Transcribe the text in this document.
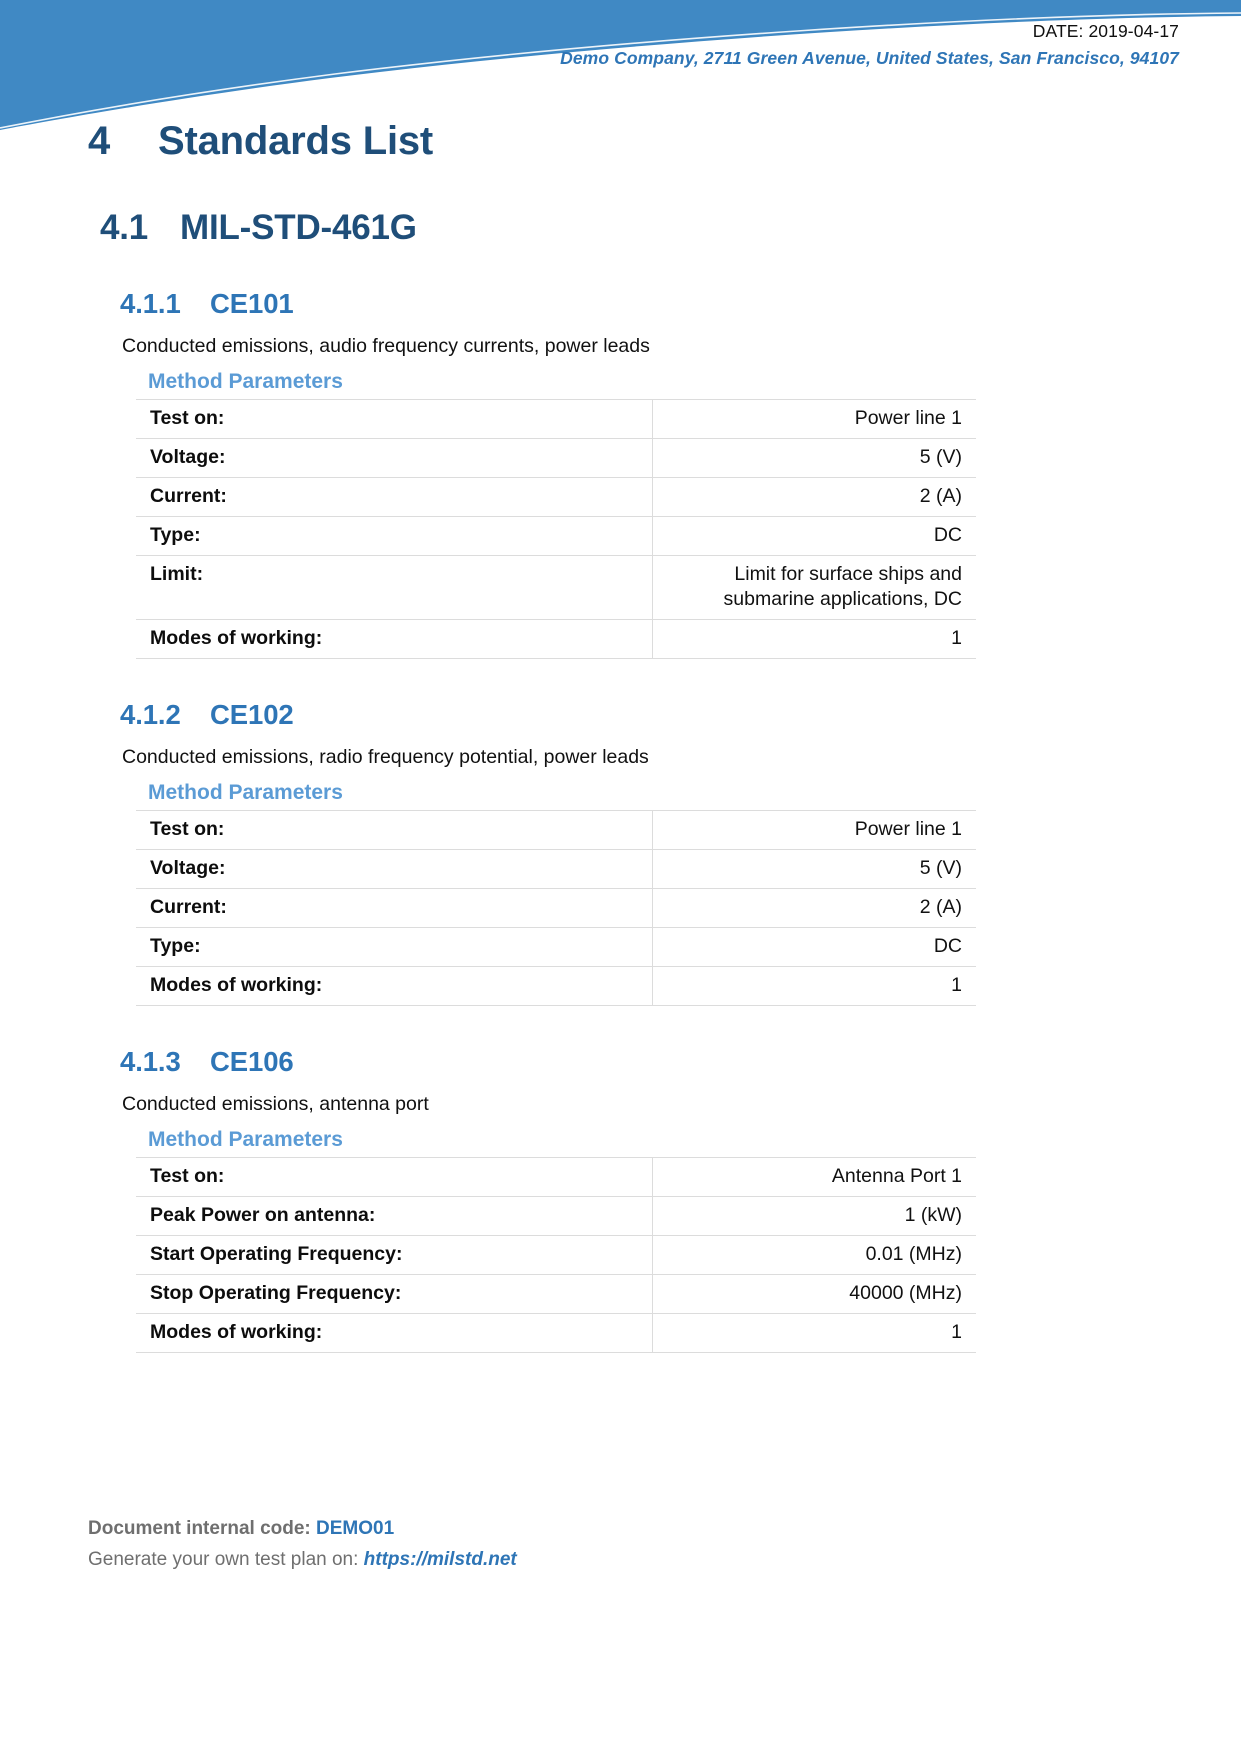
DATE: 2019-04-17
Demo Company, 2711 Green Avenue, United States, San Francisco, 94107
4 Standards List
4.1 MIL-STD-461G
4.1.1 CE101

Conducted emissions, audio frequency currents, power leads

Method Parameters
Test on:	Power line 1
Voltage:	5 (V)
Current:	2 (A)
Type:	DC
Limit:	Limit for surface ships and
submarine applications, DC

Modes of working:	1
4.1.2 CE102

Conducted emissions, radio frequency potential, power leads

Method Parameters
Test on:	Power line 1
Voltage:	5 (V)
Current:	2 (A)
Type:	DC
Modes of working:	1
4.1.3 CE106

Conducted emissions, antenna port

Method Parameters
Test on:	Antenna Port 1
Peak Power on antenna:	1 (kW)
Start Operating Frequency:	0.01 (MHz)
Stop Operating Frequency:	40000 (MHz)
Modes of working:	1
Document internal code: DEMO01
Generate your own test plan on: https://milstd.net
